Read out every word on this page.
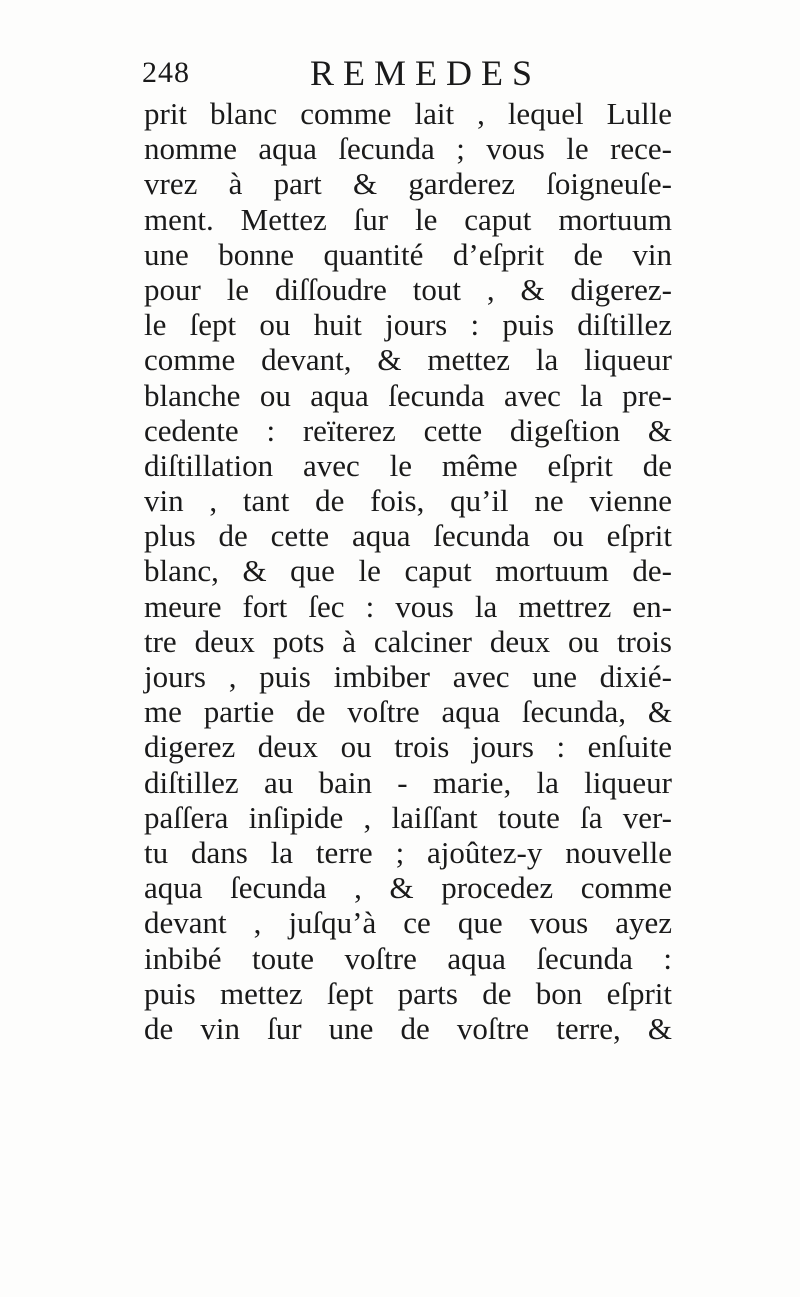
248	REMEDES
prit blanc comme lait , lequel Lulle
nomme aqua ſecunda ; vous le rece-
vrez à part & garderez ſoigneuſe-
ment. Mettez ſur le caput mortuum
une bonne quantité d’eſprit de vin
pour le diſſoudre tout , & digerez-
le ſept ou huit jours : puis diſtillez
comme devant, & mettez la liqueur
blanche ou aqua ſecunda avec la pre-
cedente : reïterez cette digeſtion &
diſtillation avec le même eſprit de
vin , tant de fois, qu’il ne vienne
plus de cette aqua ſecunda ou eſprit
blanc, & que le caput mortuum de-
meure fort ſec : vous la mettrez en-
tre deux pots à calciner deux ou trois
jours , puis imbiber avec une dixié-
me partie de voſtre aqua ſecunda, &
digerez deux ou trois jours : enſuite
diſtillez au bain - marie, la liqueur
paſſera inſipide , laiſſant toute ſa ver-
tu dans la terre ; ajoûtez-y nouvelle
aqua ſecunda , & procedez comme
devant , juſqu’à ce que vous ayez
inbibé toute voſtre aqua ſecunda :
puis mettez ſept parts de bon eſprit
de vin ſur une de voſtre terre, &
